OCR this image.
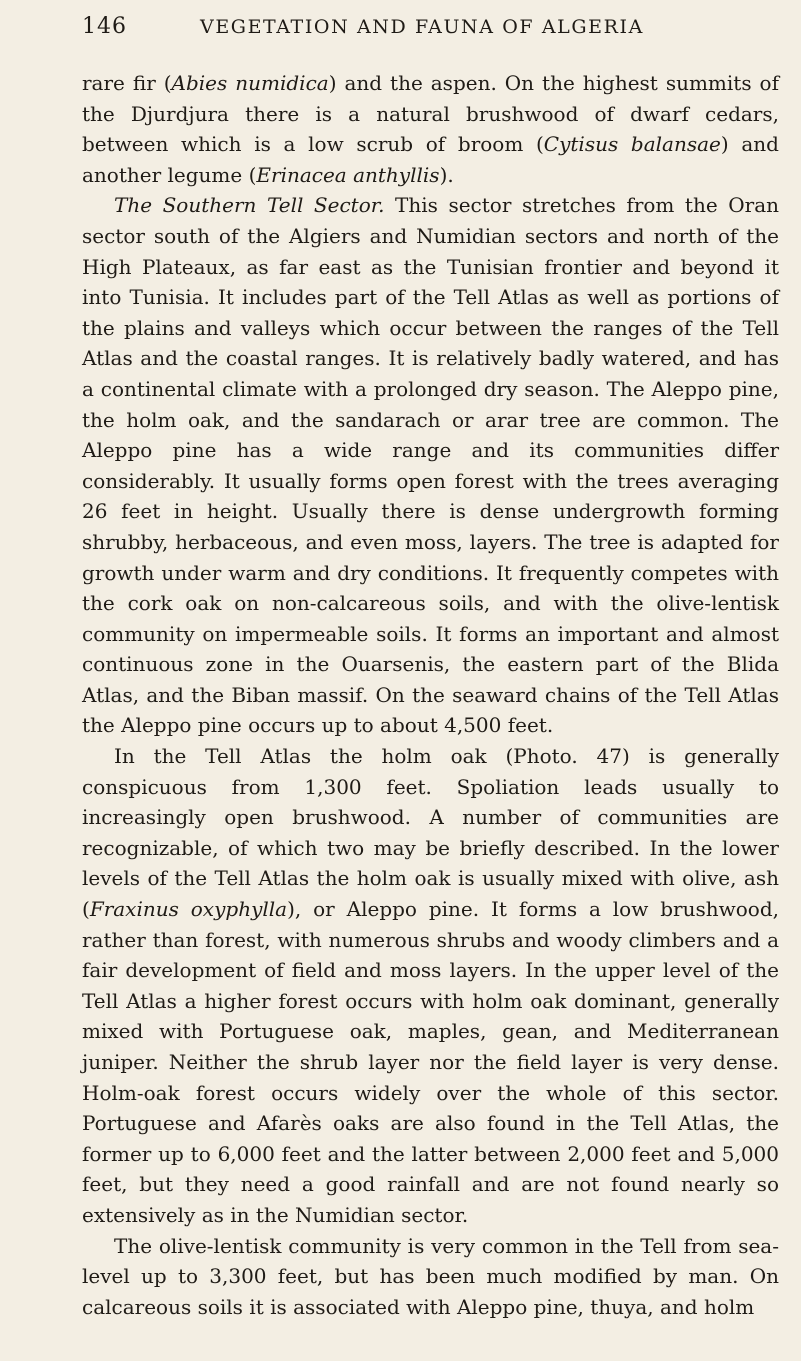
146	VEGETATION AND FAUNA OF ALGERIA

rare fir (Abies numidica) and the aspen. On the highest summits of the Djurdjura there is a natural brushwood of dwarf cedars, between which is a low scrub of broom (Cytisus balansae) and another legume (Erinacea anthyllis).

The Southern Tell Sector. This sector stretches from the Oran sector south of the Algiers and Numidian sectors and north of the High Plateaux, as far east as the Tunisian frontier and beyond it into Tunisia. It includes part of the Tell Atlas as well as portions of the plains and valleys which occur between the ranges of the Tell Atlas and the coastal ranges. It is relatively badly watered, and has a continental climate with a prolonged dry season. The Aleppo pine, the holm oak, and the sandarach or arar tree are common. The Aleppo pine has a wide range and its communities differ considerably. It usually forms open forest with the trees averaging 26 feet in height. Usually there is dense undergrowth forming shrubby, herbaceous, and even moss, layers. The tree is adapted for growth under warm and dry conditions. It frequently competes with the cork oak on non-calcareous soils, and with the olive-lentisk community on impermeable soils. It forms an important and almost continuous zone in the Ouarsenis, the eastern part of the Blida Atlas, and the Biban massif. On the seaward chains of the Tell Atlas the Aleppo pine occurs up to about 4,500 feet.

In the Tell Atlas the holm oak (Photo. 47) is generally conspicuous from 1,300 feet. Spoliation leads usually to increasingly open brushwood. A number of communities are recognizable, of which two may be briefly described. In the lower levels of the Tell Atlas the holm oak is usually mixed with olive, ash (Fraxinus oxyphylla), or Aleppo pine. It forms a low brushwood, rather than forest, with numerous shrubs and woody climbers and a fair development of field and moss layers. In the upper level of the Tell Atlas a higher forest occurs with holm oak dominant, generally mixed with Portuguese oak, maples, gean, and Mediterranean juniper. Neither the shrub layer nor the field layer is very dense. Holm-oak forest occurs widely over the whole of this sector. Portuguese and Afarès oaks are also found in the Tell Atlas, the former up to 6,000 feet and the latter between 2,000 feet and 5,000 feet, but they need a good rainfall and are not found nearly so extensively as in the Numidian sector.

The olive-lentisk community is very common in the Tell from sea-level up to 3,300 feet, but has been much modified by man. On calcareous soils it is associated with Aleppo pine, thuya, and holm
